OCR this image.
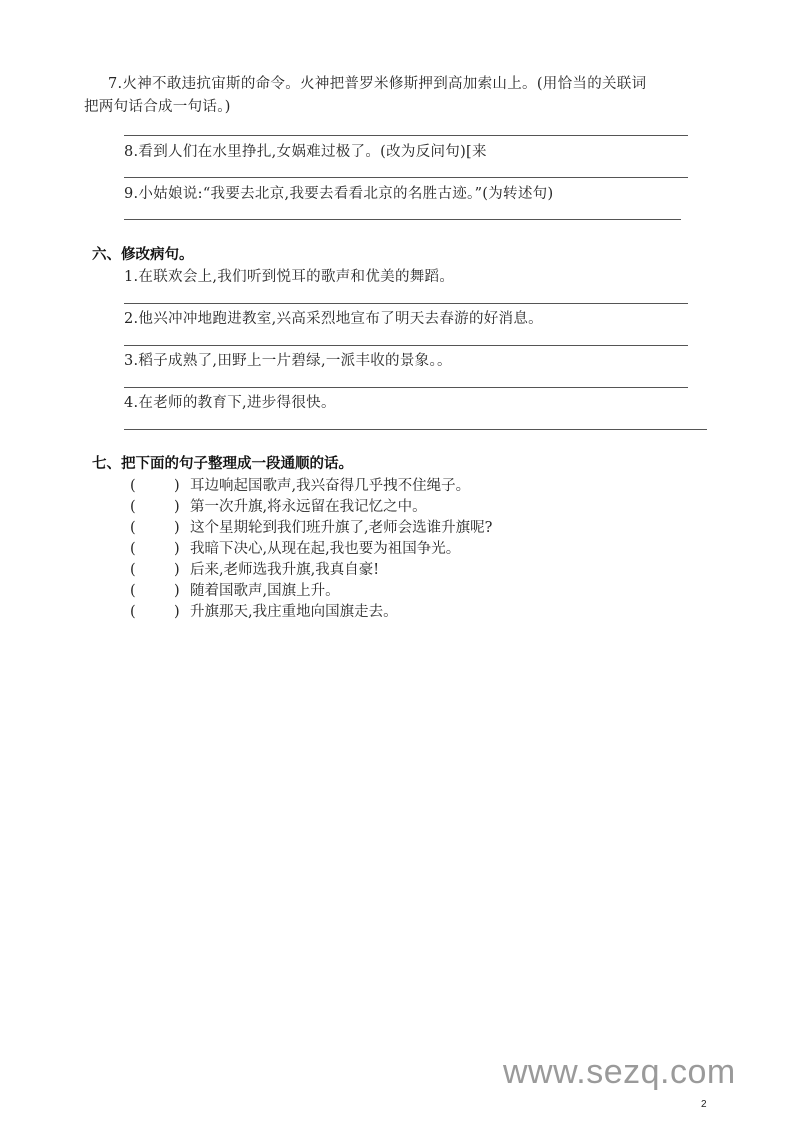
7.火神不敢违抗宙斯的命令。火神把普罗米修斯押到高加索山上。(用恰当的关联词
把两句话合成一句话。)
8.看到人们在水里挣扎,女娲难过极了。(改为反问句)[来
9.小姑娘说:“我要去北京,我要去看看北京的名胜古迹。”(为转述句)
六、修改病句。
1.在联欢会上,我们听到悦耳的歌声和优美的舞蹈。
2.他兴冲冲地跑进教室,兴高采烈地宣布了明天去春游的好消息。
3.稻子成熟了,田野上一片碧绿,一派丰收的景象。。
4.在老师的教育下,进步得很快。
七、把下面的句子整理成一段通顺的话。
(	) 耳边响起国歌声,我兴奋得几乎拽不住绳子。
(	) 第一次升旗,将永远留在我记忆之中。
(	) 这个星期轮到我们班升旗了,老师会选谁升旗呢?
(	) 我暗下决心,从现在起,我也要为祖国争光。
(	) 后来,老师选我升旗,我真自豪!
(	) 随着国歌声,国旗上升。
(	) 升旗那天,我庄重地向国旗走去。
www.sezq.com
2
